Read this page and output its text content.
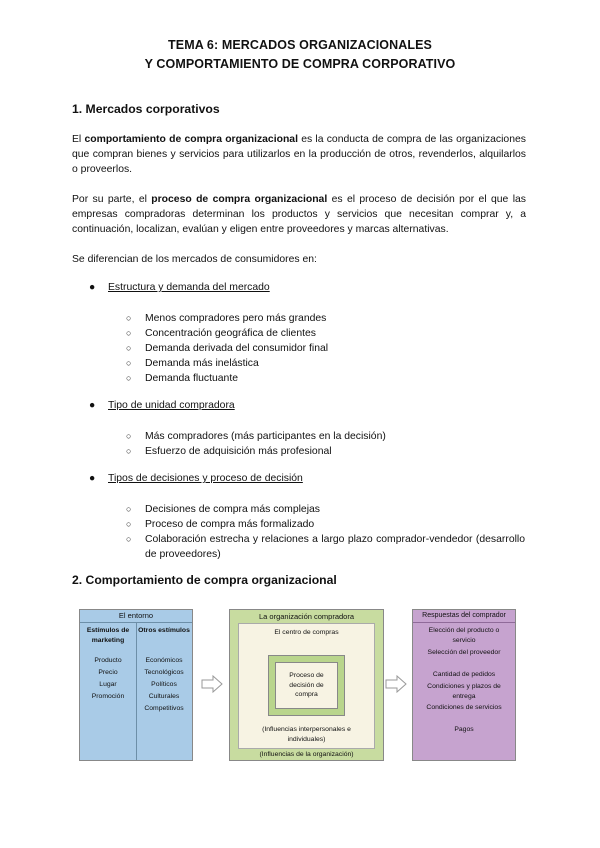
TEMA 6: MERCADOS ORGANIZACIONALES
Y COMPORTAMIENTO DE COMPRA CORPORATIVO
1. Mercados corporativos
El comportamiento de compra organizacional es la conducta de compra de las organizaciones que compran bienes y servicios para utilizarlos en la producción de otros, revenderlos, alquilarlos o proveerlos.
Por su parte, el proceso de compra organizacional es el proceso de decisión por el que las empresas compradoras determinan los productos y servicios que necesitan comprar y, a continuación, localizan, evalúan y eligen entre proveedores y marcas alternativas.
Se diferencian de los mercados de consumidores en:
● Estructura y demanda del mercado
○ Menos compradores pero más grandes
○ Concentración geográfica de clientes
○ Demanda derivada del consumidor final
○ Demanda más inelástica
○ Demanda fluctuante
● Tipo de unidad compradora
○ Más compradores (más participantes en la decisión)
○ Esfuerzo de adquisición más profesional
● Tipos de decisiones y proceso de decisión
○ Decisiones de compra más complejas
○ Proceso de compra más formalizado
○ Colaboración estrecha y relaciones a largo plazo comprador-vendedor (desarrollo de proveedores)
2. Comportamiento de compra organizacional
El entorno
Estímulos de marketing
Otros estímulos
Producto
Precio
Lugar
Promoción
Económicos
Tecnológicos
Políticos
Culturales
Competitivos
La organización compradora
El centro de compras
Proceso de decisión de compra
(Influencias interpersonales e individuales)
(Influencias de la organización)
Respuestas del comprador
Elección del producto o servicio
Selección del proveedor
Cantidad de pedidos
Condiciones y plazos de entrega
Condiciones de servicios
Pagos
